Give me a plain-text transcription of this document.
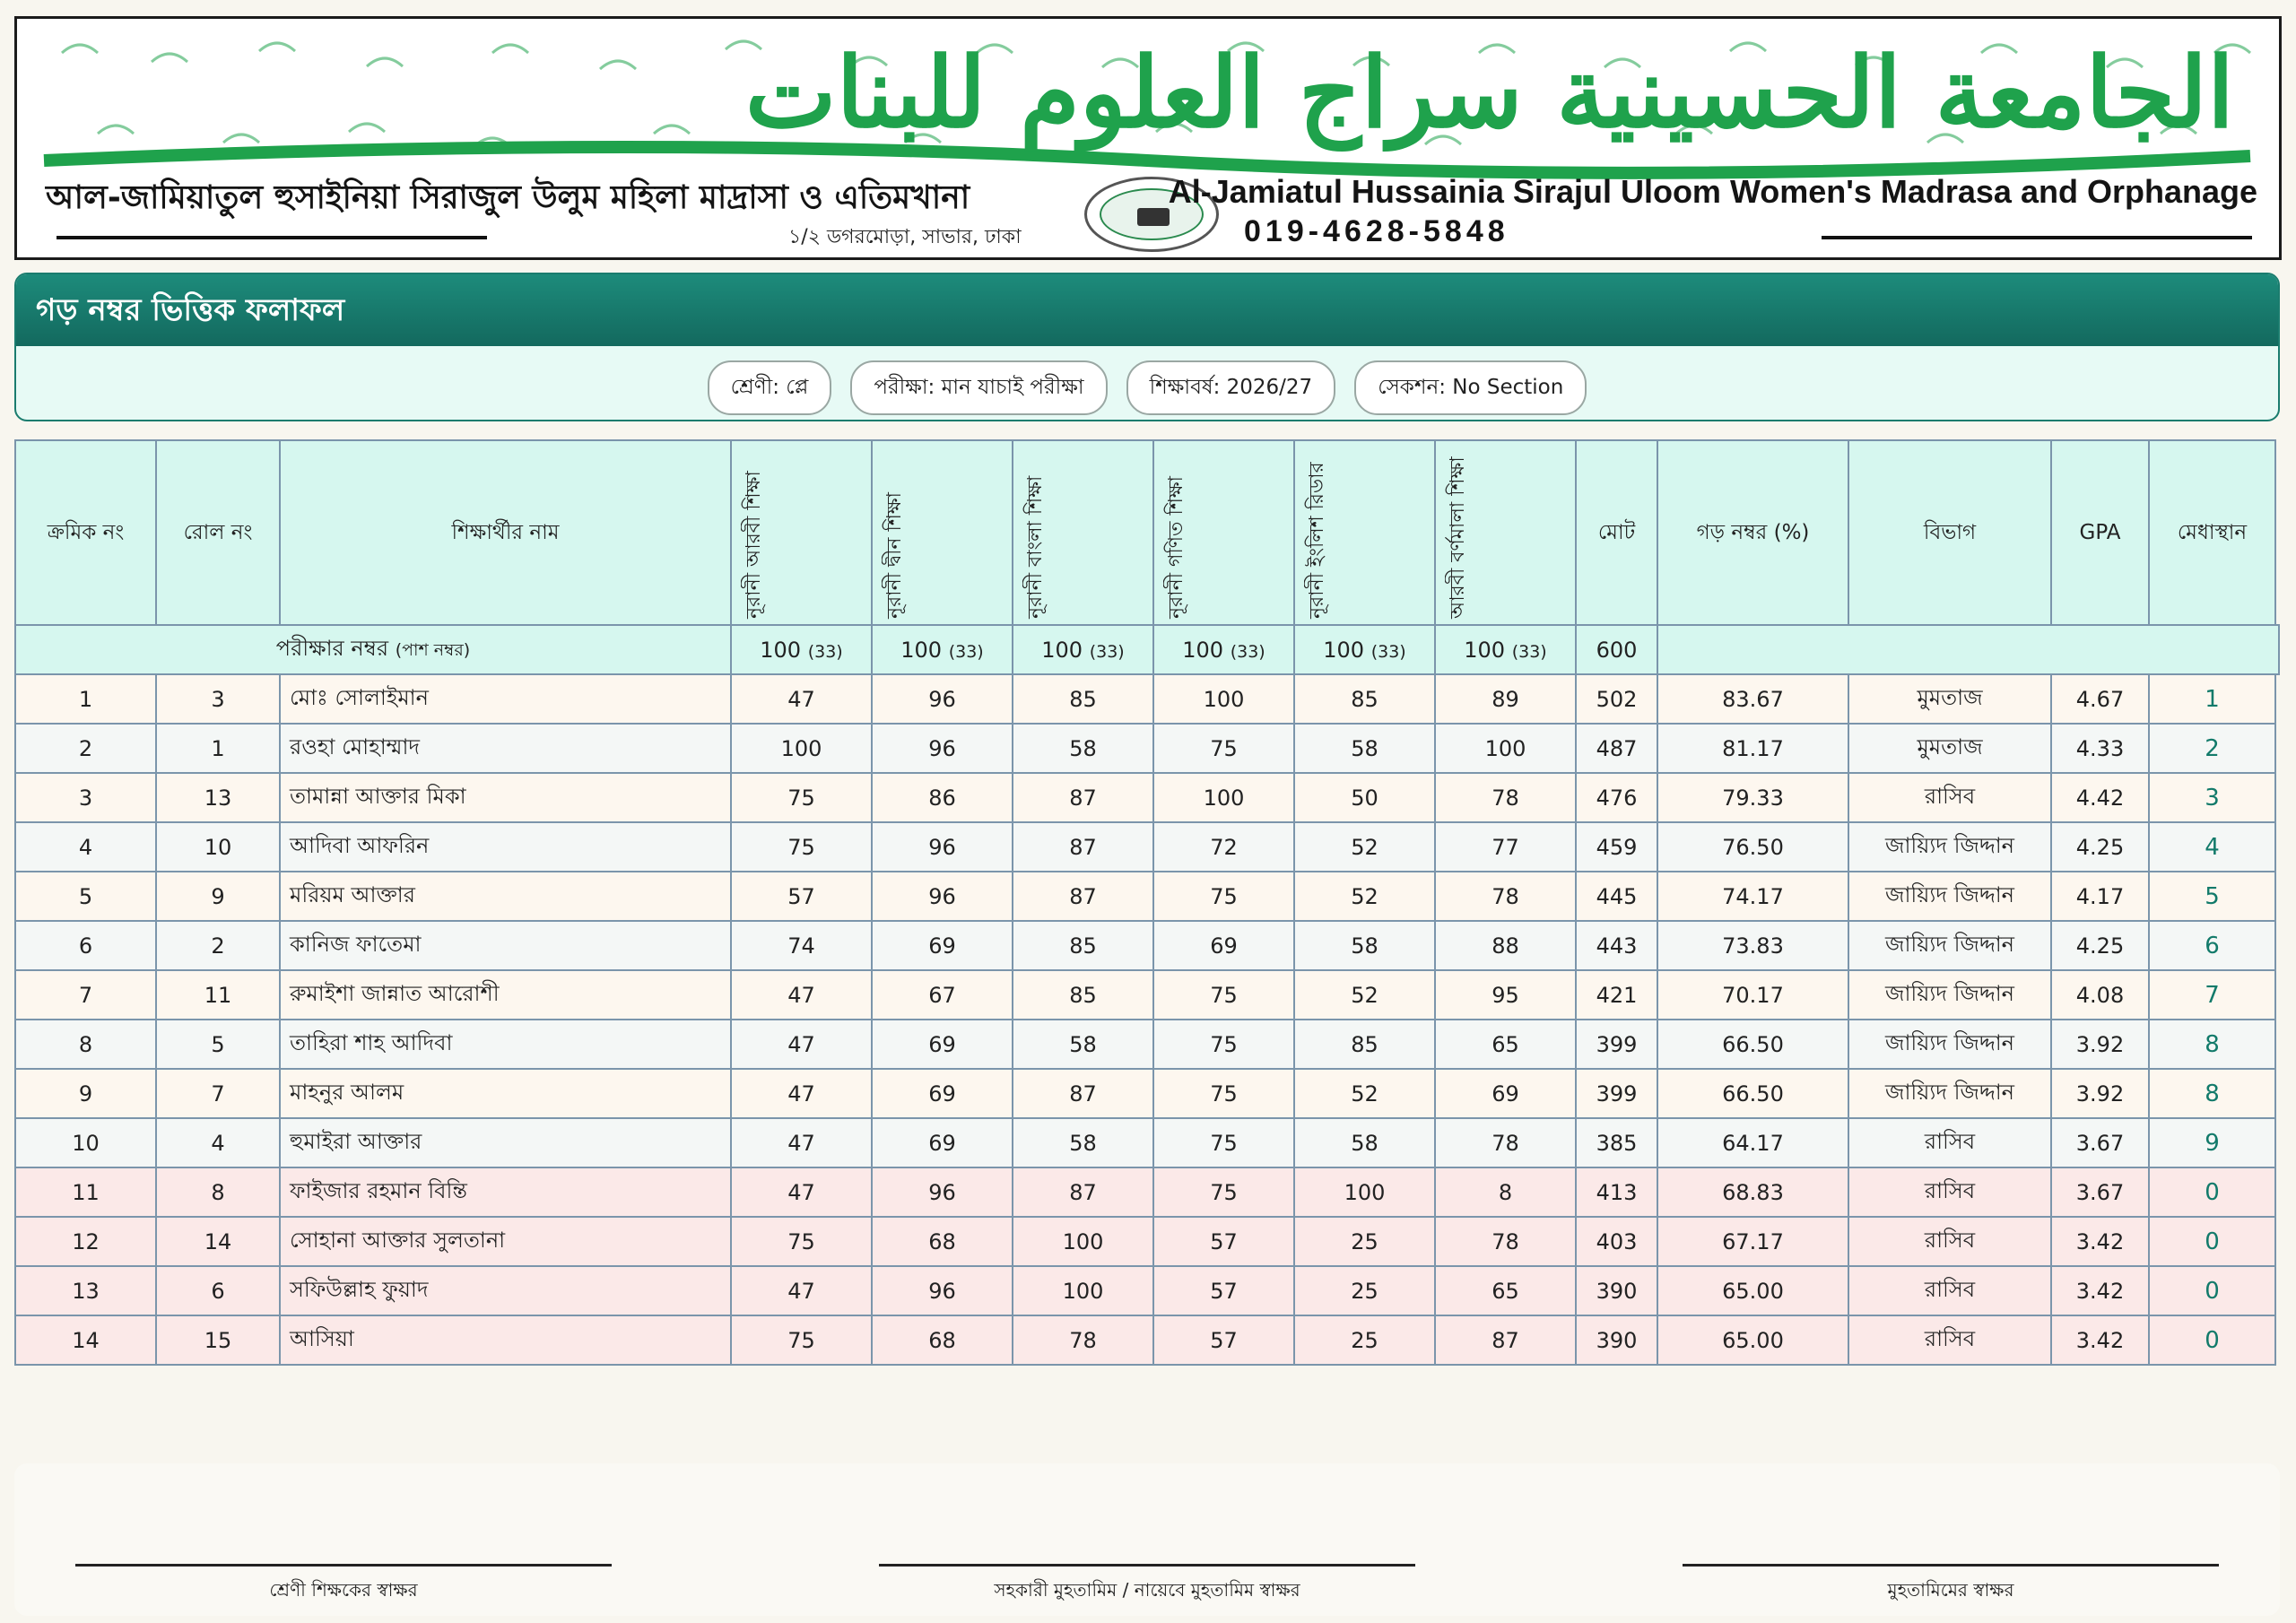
الجامعة الحسينية سراج العلوم للبنات
আল-জামিয়াতুল হুসাইনিয়া সিরাজুল উলুম মহিলা মাদ্রাসা ও এতিমখানা
১/২ ডগরমোড়া, সাভার, ঢাকা
Al-Jamiatul Hussainia Sirajul Uloom Women's Madrasa and Orphanage
019-4628-5848
গড় নম্বর ভিত্তিক ফলাফল
শ্রেণী: প্লে	পরীক্ষা: মান যাচাই পরীক্ষা	শিক্ষাবর্ষ: 2026/27	সেকশন: No Section
ক্রমিক নং	রোল নং	শিক্ষার্থীর নাম	নূরানী আরবী শিক্ষা	নূরানী দ্বীন শিক্ষা	নূরানী বাংলা শিক্ষা	নূরানী গণিত শিক্ষা	নূরানী ইংলিশ রিডার	আরবী বর্ণমালা শিক্ষা	মোট	গড় নম্বর (%)	বিভাগ	GPA	মেধাস্থান
পরীক্ষার নম্বর (পাশ নম্বর)			100 (33)	100 (33)	100 (33)	100 (33)	100 (33)	100 (33)	600				
1	3	মোঃ সোলাইমান	47	96	85	100	85	89	502	83.67	মুমতাজ	4.67	1
2	1	রওহা মোহাম্মাদ	100	96	58	75	58	100	487	81.17	মুমতাজ	4.33	2
3	13	তামান্না আক্তার মিকা	75	86	87	100	50	78	476	79.33	রাসিব	4.42	3
4	10	আদিবা আফরিন	75	96	87	72	52	77	459	76.50	জায়্যিদ জিদ্দান	4.25	4
5	9	মরিয়ম আক্তার	57	96	87	75	52	78	445	74.17	জায়্যিদ জিদ্দান	4.17	5
6	2	কানিজ ফাতেমা	74	69	85	69	58	88	443	73.83	জায়্যিদ জিদ্দান	4.25	6
7	11	রুমাইশা জান্নাত আরোশী	47	67	85	75	52	95	421	70.17	জায়্যিদ জিদ্দান	4.08	7
8	5	তাহিরা শাহ আদিবা	47	69	58	75	85	65	399	66.50	জায়্যিদ জিদ্দান	3.92	8
9	7	মাহনুর আলম	47	69	87	75	52	69	399	66.50	জায়্যিদ জিদ্দান	3.92	8
10	4	হুমাইরা আক্তার	47	69	58	75	58	78	385	64.17	রাসিব	3.67	9
11	8	ফাইজার রহমান বিন্তি	47	96	87	75	100	8	413	68.83	রাসিব	3.67	0
12	14	সোহানা আক্তার সুলতানা	75	68	100	57	25	78	403	67.17	রাসিব	3.42	0
13	6	সফিউল্লাহ ফুয়াদ	47	96	100	57	25	65	390	65.00	রাসিব	3.42	0
14	15	আসিয়া	75	68	78	57	25	87	390	65.00	রাসিব	3.42	0
শ্রেণী শিক্ষকের স্বাক্ষর	সহকারী মুহতামিম / নায়েবে মুহতামিম স্বাক্ষর	মুহতামিমের স্বাক্ষর
